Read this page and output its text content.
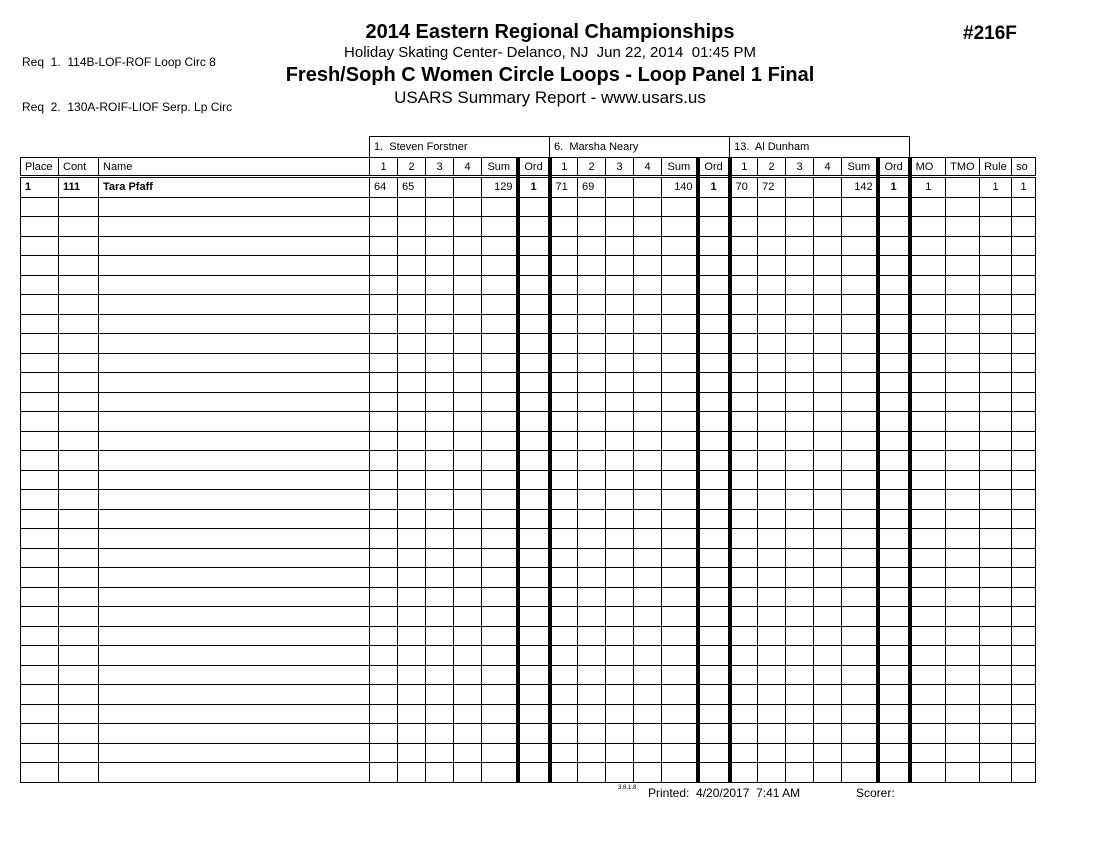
Req  1.  114B-LOF-ROF Loop Circ 8

Req  2.  130A-ROIF-LIOF Serp. Lp Circ

2014 Eastern Regional Championships
Holiday Skating Center- Delanco, NJ  Jun 22, 2014  01:45 PM
Fresh/Soph C Women Circle Loops - Loop Panel 1 Final
USARS Summary Report - www.usars.us
#216F
			1.  Steven Forstner						6.  Marsha Neary						13.  Al Dunham									
Place	Cont	Name	1	2	3	4	Sum	Ord	1	2	3	4	Sum	Ord	1	2	3	4	Sum	Ord	MO	TMO	Rule	so
1	111	Tara Pfaff	64	65			129	1	71	69			140	1	70	72			142	1	1		1	1

3.8.1.8 Printed:  4/20/2017  7:41 AM	Scorer:
